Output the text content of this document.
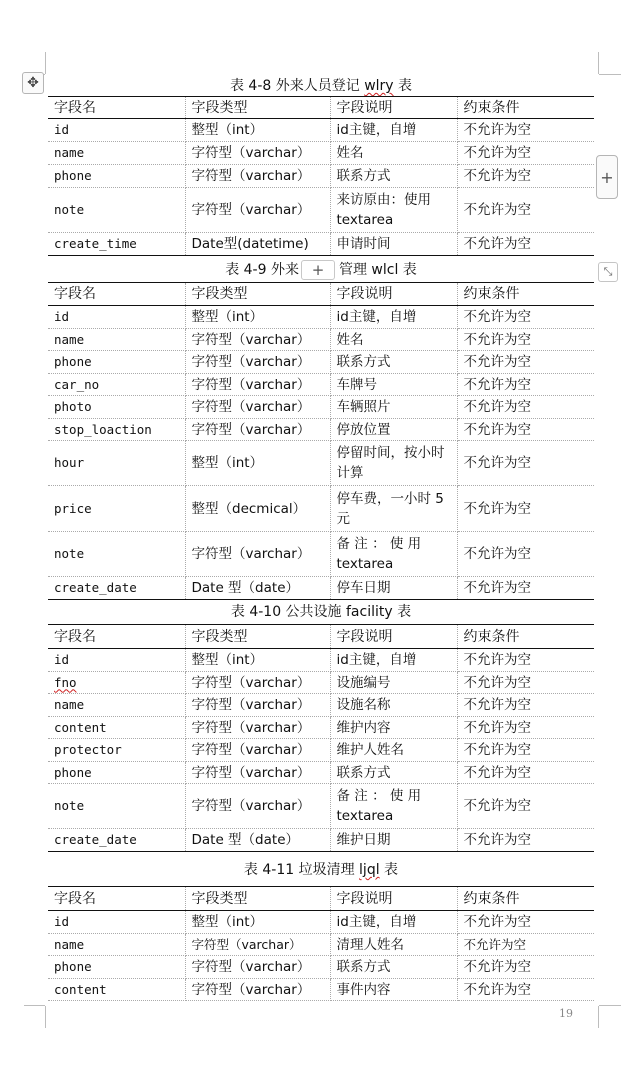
✥
+
⤡
表 4-8 外来人员登记 wlry 表
字段名	字段类型	字段说明	约束条件
id	整型（int）	id主键，自增	不允许为空
name	字符型（varchar）	姓名	不允许为空
phone	字符型（varchar）	联系方式	不允许为空
note	字符型（varchar）	来访原由：使用 textarea	不允许为空
create_time	Date型(datetime)	申请时间	不允许为空
表 4-9 外来	管理 wlcl 表
+
字段名	字段类型	字段说明	约束条件
id	整型（int）	id主键，自增	不允许为空
name	字符型（varchar）	姓名	不允许为空
phone	字符型（varchar）	联系方式	不允许为空
car_no	字符型（varchar）	车牌号	不允许为空
photo	字符型（varchar）	车辆照片	不允许为空
stop_loaction	字符型（varchar）	停放位置	不允许为空
hour	整型（int）	停留时间，按小时计算	不允许为空
price	整型（decmical）	停车费，一小时 5元	不允许为空
note	字符型（varchar）	备 注 ： 使 用 textarea	不允许为空
create_date	Date 型（date）	停车日期	不允许为空
表 4-10 公共设施 facility 表
字段名	字段类型	字段说明	约束条件
id	整型（int）	id主键，自增	不允许为空
fno	字符型（varchar）	设施编号	不允许为空
name	字符型（varchar）	设施名称	不允许为空
content	字符型（varchar）	维护内容	不允许为空
protector	字符型（varchar）	维护人姓名	不允许为空
phone	字符型（varchar）	联系方式	不允许为空
note	字符型（varchar）	备 注 ： 使 用 textarea	不允许为空
create_date	Date 型（date）	维护日期	不允许为空
表 4-11 垃圾清理 ljql 表
字段名	字段类型	字段说明	约束条件
id	整型（int）	id主键，自增	不允许为空
name	字符型（varchar）	清理人姓名	不允许为空
phone	字符型（varchar）	联系方式	不允许为空
content	字符型（varchar）	事件内容	不允许为空
19
